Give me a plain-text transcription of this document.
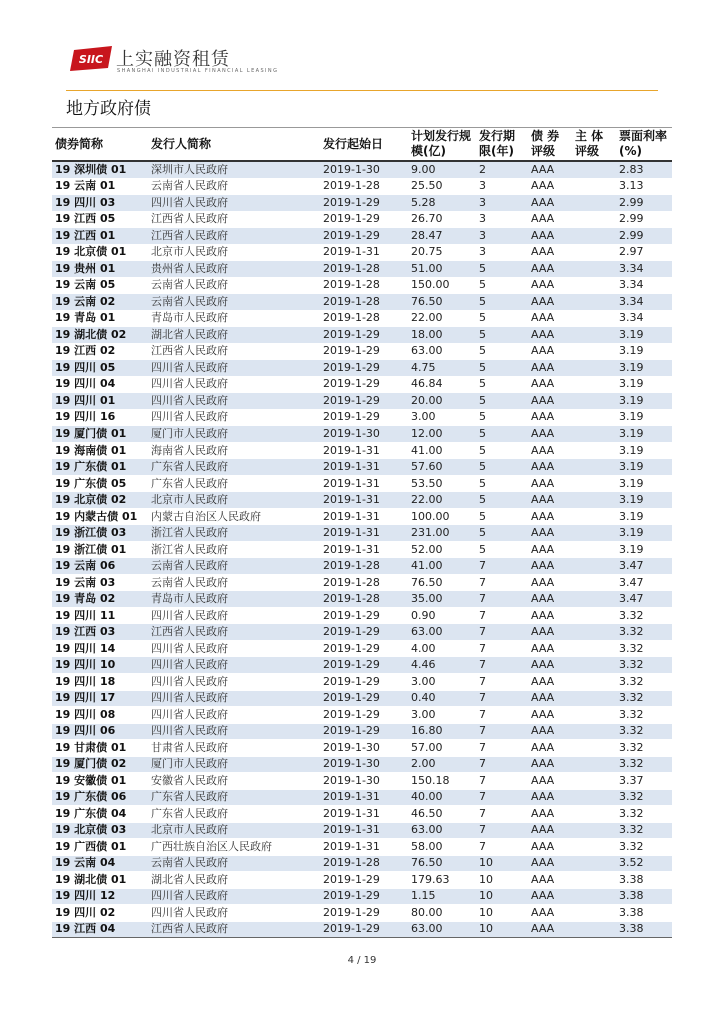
SIIC 上实融资租赁
SHANGHAI INDUSTRIAL FINANCIAL LEASING
地方政府债
债券简称	发行人简称	发行起始日	计划发行规模(亿)	发行期限(年)	债 券评级	主 体评级	票面利率(%)
19 深圳债 01	深圳市人民政府	2019-1-30	9.00	2	AAA		2.83
19 云南 01	云南省人民政府	2019-1-28	25.50	3	AAA		3.13
19 四川 03	四川省人民政府	2019-1-29	5.28	3	AAA		2.99
19 江西 05	江西省人民政府	2019-1-29	26.70	3	AAA		2.99
19 江西 01	江西省人民政府	2019-1-29	28.47	3	AAA		2.99
19 北京债 01	北京市人民政府	2019-1-31	20.75	3	AAA		2.97
19 贵州 01	贵州省人民政府	2019-1-28	51.00	5	AAA		3.34
19 云南 05	云南省人民政府	2019-1-28	150.00	5	AAA		3.34
19 云南 02	云南省人民政府	2019-1-28	76.50	5	AAA		3.34
19 青岛 01	青岛市人民政府	2019-1-28	22.00	5	AAA		3.34
19 湖北债 02	湖北省人民政府	2019-1-29	18.00	5	AAA		3.19
19 江西 02	江西省人民政府	2019-1-29	63.00	5	AAA		3.19
19 四川 05	四川省人民政府	2019-1-29	4.75	5	AAA		3.19
19 四川 04	四川省人民政府	2019-1-29	46.84	5	AAA		3.19
19 四川 01	四川省人民政府	2019-1-29	20.00	5	AAA		3.19
19 四川 16	四川省人民政府	2019-1-29	3.00	5	AAA		3.19
19 厦门债 01	厦门市人民政府	2019-1-30	12.00	5	AAA		3.19
19 海南债 01	海南省人民政府	2019-1-31	41.00	5	AAA		3.19
19 广东债 01	广东省人民政府	2019-1-31	57.60	5	AAA		3.19
19 广东债 05	广东省人民政府	2019-1-31	53.50	5	AAA		3.19
19 北京债 02	北京市人民政府	2019-1-31	22.00	5	AAA		3.19
19 内蒙古债 01	内蒙古自治区人民政府	2019-1-31	100.00	5	AAA		3.19
19 浙江债 03	浙江省人民政府	2019-1-31	231.00	5	AAA		3.19
19 浙江债 01	浙江省人民政府	2019-1-31	52.00	5	AAA		3.19
19 云南 06	云南省人民政府	2019-1-28	41.00	7	AAA		3.47
19 云南 03	云南省人民政府	2019-1-28	76.50	7	AAA		3.47
19 青岛 02	青岛市人民政府	2019-1-28	35.00	7	AAA		3.47
19 四川 11	四川省人民政府	2019-1-29	0.90	7	AAA		3.32
19 江西 03	江西省人民政府	2019-1-29	63.00	7	AAA		3.32
19 四川 14	四川省人民政府	2019-1-29	4.00	7	AAA		3.32
19 四川 10	四川省人民政府	2019-1-29	4.46	7	AAA		3.32
19 四川 18	四川省人民政府	2019-1-29	3.00	7	AAA		3.32
19 四川 17	四川省人民政府	2019-1-29	0.40	7	AAA		3.32
19 四川 08	四川省人民政府	2019-1-29	3.00	7	AAA		3.32
19 四川 06	四川省人民政府	2019-1-29	16.80	7	AAA		3.32
19 甘肃债 01	甘肃省人民政府	2019-1-30	57.00	7	AAA		3.32
19 厦门债 02	厦门市人民政府	2019-1-30	2.00	7	AAA		3.32
19 安徽债 01	安徽省人民政府	2019-1-30	150.18	7	AAA		3.37
19 广东债 06	广东省人民政府	2019-1-31	40.00	7	AAA		3.32
19 广东债 04	广东省人民政府	2019-1-31	46.50	7	AAA		3.32
19 北京债 03	北京市人民政府	2019-1-31	63.00	7	AAA		3.32
19 广西债 01	广西壮族自治区人民政府	2019-1-31	58.00	7	AAA		3.32
19 云南 04	云南省人民政府	2019-1-28	76.50	10	AAA		3.52
19 湖北债 01	湖北省人民政府	2019-1-29	179.63	10	AAA		3.38
19 四川 12	四川省人民政府	2019-1-29	1.15	10	AAA		3.38
19 四川 02	四川省人民政府	2019-1-29	80.00	10	AAA		3.38
19 江西 04	江西省人民政府	2019-1-29	63.00	10	AAA		3.38
4 / 19
